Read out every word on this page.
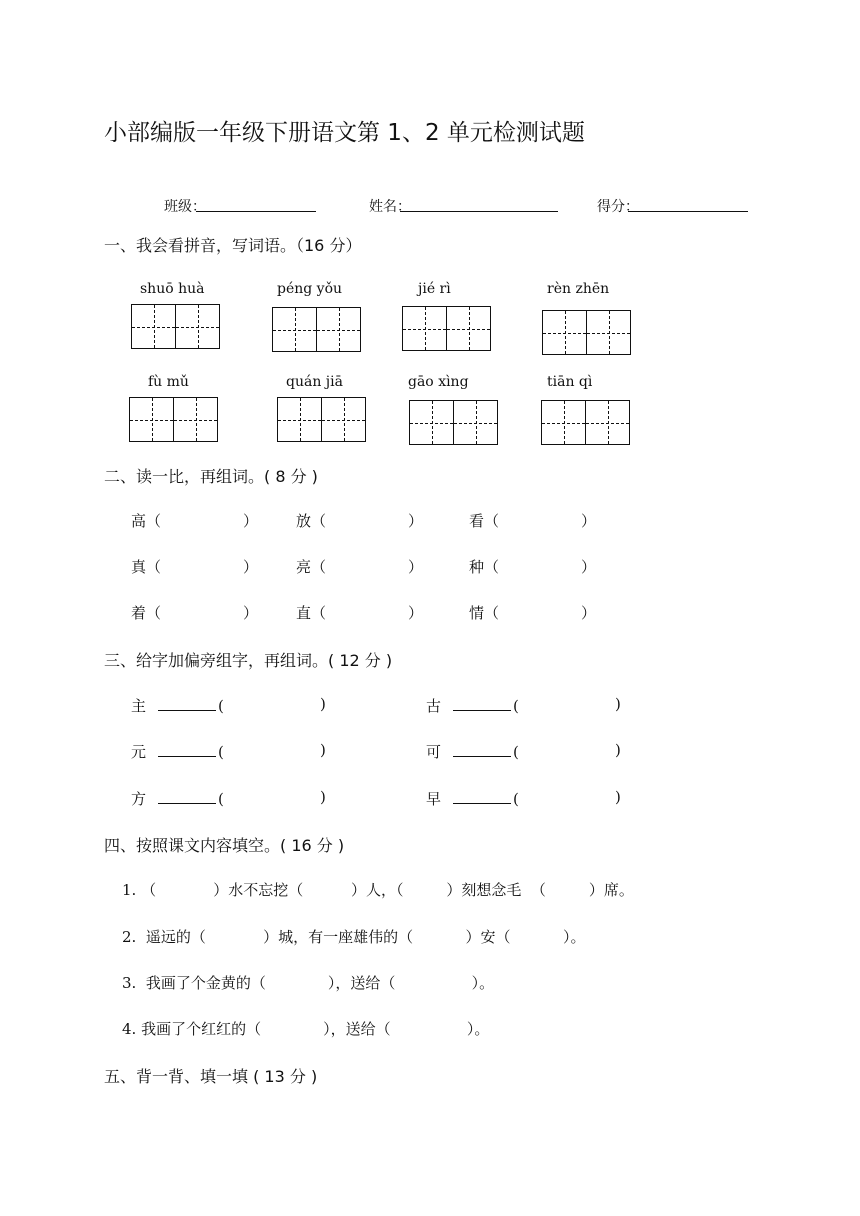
小部编版一年级下册语文第 1、2 单元检测试题
班级：	姓名：	得分：
一、我会看拼音，写词语。（16 分）
shuō huà	péng yǒu	jié rì	rèn zhēn
fù mǔ	quán jiā	gāo xìng	tiān qì
二、读一比，再组词。( 8 分 )
高（	）	放（	）	看（	）
真（	）	亮（	）	种（	）
着（	）	直（	）	情（	）
三、给字加偏旁组字，再组词。( 12 分 )
主	(	)	古	(	)
元	(	)	可	(	)
方	(	)	早	(	)
四、按照课文内容填空。( 16 分 )
1. （            ）水不忘挖（          ）人，（         ）刻想念毛  （         ）席。
2.  遥远的（            ）城，有一座雄伟的（           ）安（           ）。
3.  我画了个金黄的（             ），送给（                ）。
4. 我画了个红红的（             ），送给（                ）。
五、背一背、填一填 ( 13 分 )
